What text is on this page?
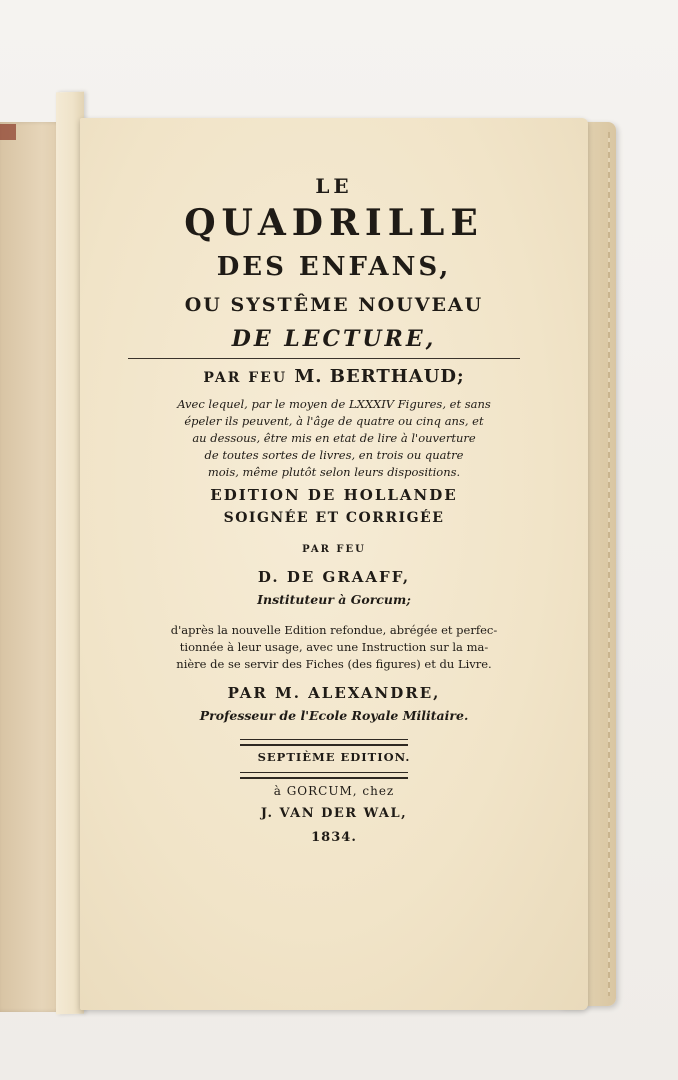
LE
QUADRILLE
DES ENFANS,
OU SYSTÊME NOUVEAU
DE LECTURE,
PAR FEU M. BERTHAUD;
Avec lequel, par le moyen de LXXXIV Figures, et sans
épeler ils peuvent, à l'âge de quatre ou cinq ans, et
au dessous, être mis en etat de lire à l'ouverture
de toutes sortes de livres, en trois ou quatre
mois, même plutôt selon leurs dispositions.
EDITION DE HOLLANDE
SOIGNÉE ET CORRIGÉE
PAR FEU
D. DE GRAAFF,
Instituteur à Gorcum;
d'après la nouvelle Edition refondue, abrégée et perfec-
tionnée à leur usage, avec une Instruction sur la ma-
nière de se servir des Fiches (des figures) et du Livre.
PAR M. ALEXANDRE,
Professeur de l'Ecole Royale Militaire.
SEPTIÈME EDITION.
à GORCUM, chez
J. VAN DER WAL,
1834.
